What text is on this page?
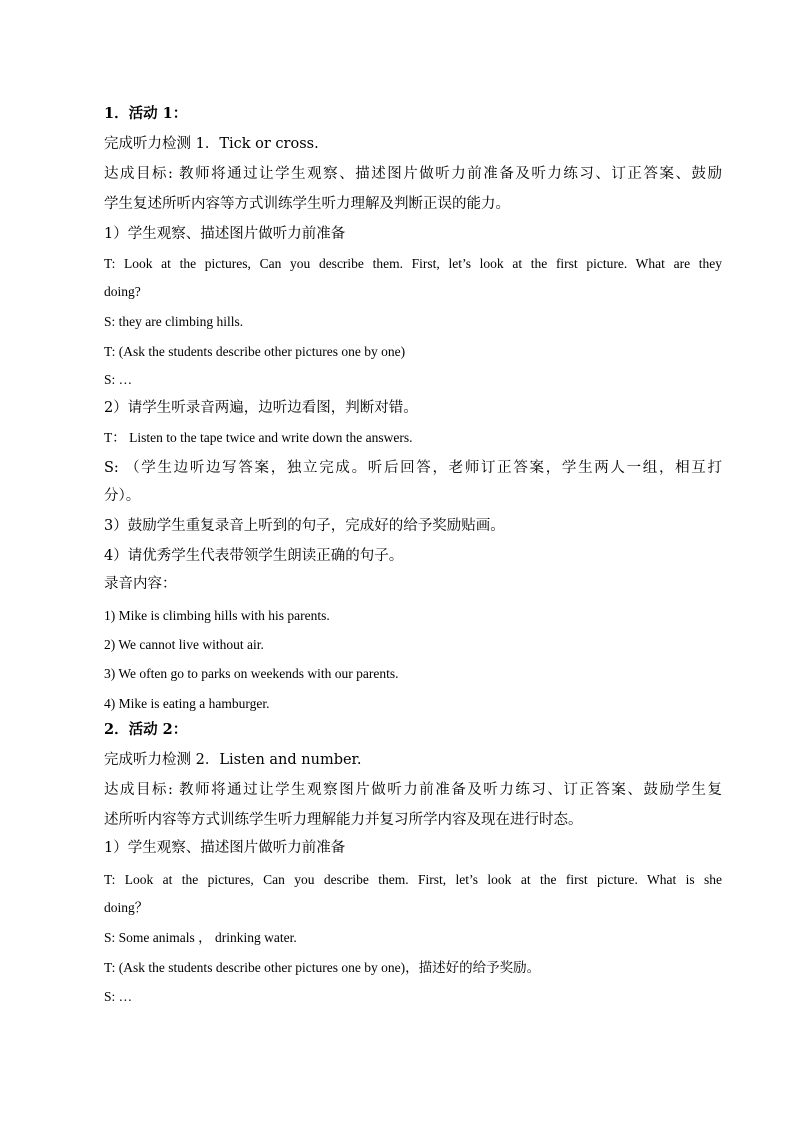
1．活动 1：
完成听力检测 1．Tick or cross.
达成目标: 教师将通过让学生观察、描述图片做听力前准备及听力练习、订正答案、鼓励
学生复述所听内容等方式训练学生听力理解及判断正误的能力。
1）学生观察、描述图片做听力前准备
T: Look at the pictures, Can you describe them. First, let’s look at the first picture. What are they
doing?
S: they are climbing hills.
T: (Ask the students describe other pictures one by one)
S: …
2）请学生听录音两遍，边听边看图，判断对错。
T： Listen to the tape twice and write down the answers.
S: （学生边听边写答案，独立完成。听后回答，老师订正答案，学生两人一组，相互打
分）。
3）鼓励学生重复录音上听到的句子，完成好的给予奖励贴画。
4）请优秀学生代表带领学生朗读正确的句子。
录音内容：
1) Mike is climbing hills with his parents.
2) We cannot live without air.
3) We often go to parks on weekends with our parents.
4) Mike is eating a hamburger.
2．活动 2：
完成听力检测 2．Listen and number.
达成目标: 教师将通过让学生观察图片做听力前准备及听力练习、订正答案、鼓励学生复
述所听内容等方式训练学生听力理解能力并复习所学内容及现在进行时态。
1）学生观察、描述图片做听力前准备
T: Look at the pictures, Can you describe them. First, let’s look at the first picture. What is she
doing？
S: Some animals ， drinking water.
T: (Ask the students describe other pictures one by one)，描述好的给予奖励。
S: …
